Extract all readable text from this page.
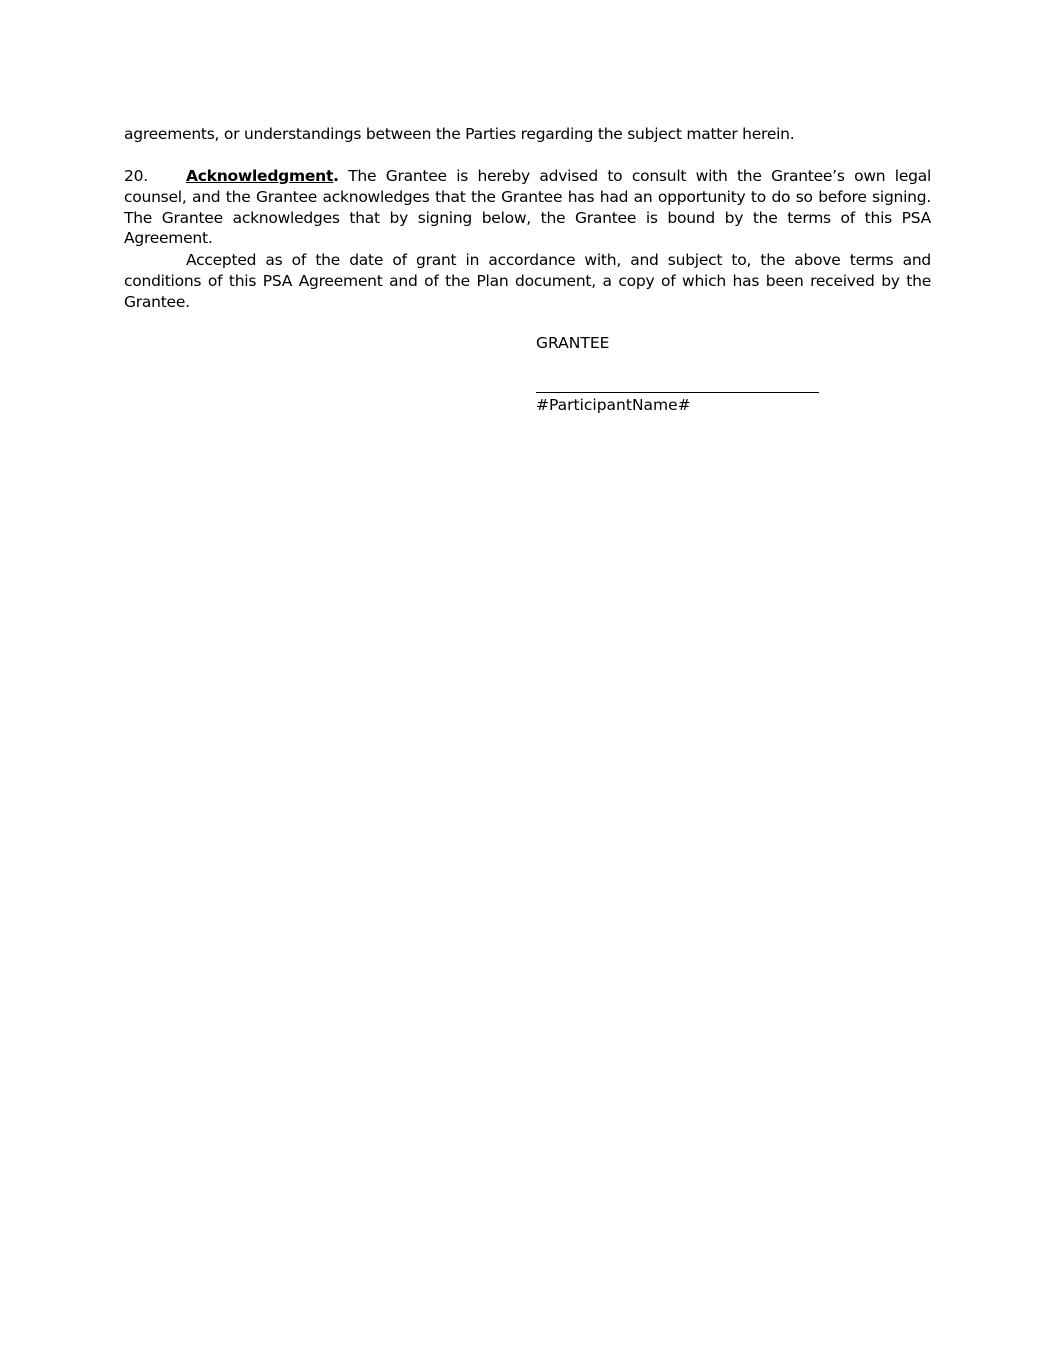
agreements, or understandings between the Parties regarding the subject matter herein.
20. Acknowledgment. The Grantee is hereby advised to consult with the Grantee’s own legal counsel, and the Grantee acknowledges that the Grantee has had an opportunity to do so before signing. The Grantee acknowledges that by signing below, the Grantee is bound by the terms of this PSA Agreement.
Accepted as of the date of grant in accordance with, and subject to, the above terms and conditions of this PSA Agreement and of the Plan document, a copy of which has been received by the Grantee.
GRANTEE
#ParticipantName#
